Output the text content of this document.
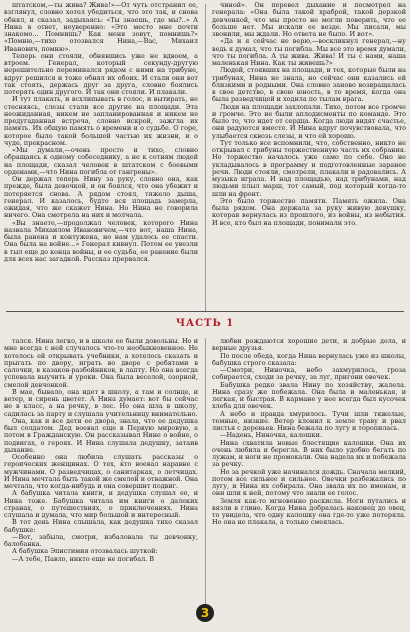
штатском,—ты жива? Жива!»—От чуть отстранил ее, взглянул, словно хотел убедиться, что это так, и снова обнял, и сказал, задыхаясь: «Ты знаешь, где мы?..» А Нина в ответ, неуверенно: «Это место мне почти знакомо... Помнишь? Как меня зовут, помнишь?» «Помню,—тихо отозвался Нина,—Вас, Михаил Иванович, помню».

Теперь они стояли, обнявшись уже не вдвоем, а втроем. Генерал, который секунду-другую нерешительно переминался рядом с ними на трибуне, вдруг решился и тоже обнял их обоих. И стали они вот так стоять, держась друг за друга, словно боялись потерять один другого. И так они стояли. И плакали.

И тут плакать, и всхлипывать в голос, и вытирать, не стесняясь, слезы стали все другие на площади. Эта неожиданная, никем не запланированная и никем не предугаданная встреча, словно искрой, зажгла их память. Их общую память о времени и о судьбе. О горе, которое было такой большой частью их жизни, и о чуде, прекрасном.

«Мы думали,—очень просто и тихо, словно обращаясь к одному собеседнику, а не к сотням людей на площади, сказал человек в штатском с боевыми орденами,—что Нина погибла от гангрены».

Он держал теперь Нину за руку, словно она, как прежде, была девочкой, и он боялся, что она убежит и потеряется снова. А рядом стоял, тяжело дыша, генерал. И казалось, будто вся площадь замерла, ожидая, что же скажет Нина. Но Нина не говорила ничего. Она смотрела на них и молчала.

«Вы знаете,—продолжал человек, которого Нина назвала Михаилом Ивановичем,—что вот, наша Нина, была ранена и контужена, но нам удалось ее спасти. Она была на войне...» Генерал кивнул. Потом ее увезли в тыл еще до конца войны, и ее судьба, ее ранение были для всех нас загадкой. Рассказ прервался.

чиной». Он перевел дыхание и посмотрел на генерала: «Она была такой храброй, такой дерзкой девчонкой, что мы просто не могли поверить, что ее больше нет. Мы искали ее везде. Мы писали, мы звонили, мы ждали. Но ответа не было. И вот».

«Да и я сейчас не верю,—воскликнул генерал,—ну ведь я думал, что ты погибла. Мы все это время думали, что ты погибла. А ты жива. Жива! И ты с нами, наша маленькая Нина. Как ты живешь?»

Людей, стоявших на площади, и тех, которые были на трибунах, Нина не знала, но сейчас они казались ей близкими и родными. Она словно заново возвращалась в свое детство, в свою юность, в то время, когда она была разведчицей и ходила по тылам врага.

Люди на площади захлопали. Тихо, потом все громче и громче. Это не были аплодисменты по команде. Это было то, что идет от сердца. Когда люди видят счастье, они радуются вместе. И Нина вдруг почувствовала, что улыбается сквозь слезы, и что ей хорошо.

Тут только все вспомнили, что, собственно, никто не открывал с трибуны торжественную часть их собрания. Но торжество началось уже само по себе. Оно не укладывалось в программу и подготовленные заранее речи. Люди стояли, смотрели, плакали и радовались. А музыка играла. И над площадью, над трибунами, над людьми плыл марш, тот самый, под который когда-то шли на фронт.

Это было торжество памяти. Память ожила. Она была рядом. Она держала за руку живую девушку, которая вернулась из прошлого, из войны, из небытия. И все, кто был на площади, понимали это.

ЧАСТЬ 1

тался. Нина легко, и в школе ее были довольны. Но и мне всегда с ней случалось что-то необыкновенное. Не хотелось ей открывать учебники, а хотелось сказать и прыгать по двору, играть во дворе с ребятами в салочки, в казаков-разбойников, в лапту. Но она всегда успевала выучить и уроки. Она была веселой, озорной, смелой девчонкой.

В мае, бывало, она идет в школу, а там и солнце, и ветер, и сирень цветет. А Нина думает: вот бы сейчас не в класс, а на речку, в лес. Но она шла в школу, садилась за парту и слушала учительницу внимательно.

Она, как и все дети ее двора, знала, что ее дедушка был солдатом. Дед воевал еще в Первую мировую, а потом в Гражданскую. Он рассказывал Нине о войне, о подвигах, о героях. И Нина слушала дедушку, затаив дыхание.

Особенно она любила слушать рассказы о героических женщинах. О тех, кто воевал наравне с мужчинами. О разведчицах, о санитарках, о летчицах. И Нина мечтала быть такой же смелой и отважной. Она мечтала, что когда-нибудь и она совершит подвиг.

А бабушка читала книги, и дедушка слушал ее, и Нина тоже. Бабушка читала им книги о далеких странах, о путешествиях, о приключениях. Нина слушала и думала, что мир большой и интересный.

В тот день Нина слышала, как дедушка тихо сказал бабушке:

—Вот, забыла, смотри, избаловала ты девчонку, балобанка.

А бабушка Эпистимия отозвалась шуткой:

—А тебе, Павло, никто еще не погибал. В

любви рождаются хорошие дети, и добрые дела, и верные друзья.

По после обеда, когда Нина вернулась уже из школы, бабушка строго сказала:

—Смотри, Ниночка, небо захмурилось, гроза собирается, сходи за речку, за луг, пригони овечек.

Бабушка редко звала Нину по хозяйству, жалела. Нина сразу же побежала. Она была и маленькая, и легкая, и быстрая. В кармане у нее всегда был кусочек хлеба для овечек.

А небо и правда хмурилось. Тучи шли тяжелые, темные, низкие. Ветер клонил к земле траву и рвал листья с деревьев. Нина бежала по лугу и торопилась.

—Надень, Ниночка, калошки.

Нина схватила новые блестящие калошки. Она их очень любила и берегла. В них было удобно бегать по лужам, и ноги не промокали. Она надела их и побежала за речку.

Но за речкой уже начинался дождь. Сначала мелкий, потом все сильнее и сильнее. Овечки разбежались по лугу, и Нина их собирала. Она звала их по именам, и они шли к ней, потому что знали ее голос.

Земля как-то мгновенно раскисла. Ноги путались и вязли в глине. Когда Нина добралась наконец до овец, то увидела, что одну калошку она где-то уже потеряла. Но она не плакала, а только смеялась.

3
